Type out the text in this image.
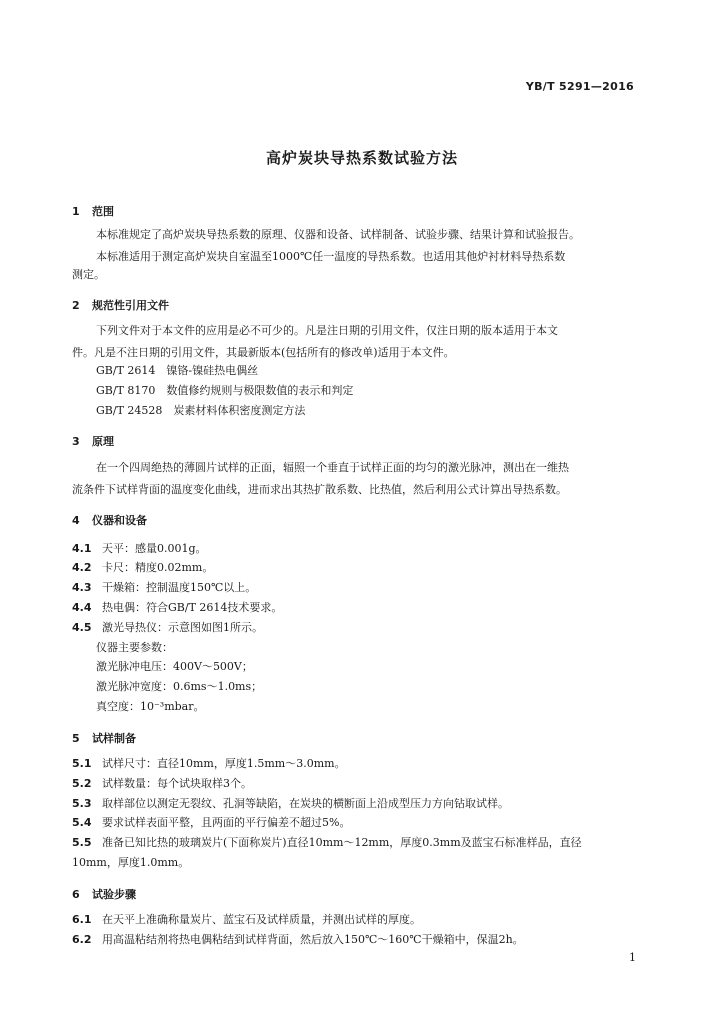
YB/T 5291—2016
高炉炭块导热系数试验方法
1 范围
本标准规定了高炉炭块导热系数的原理、仪器和设备、试样制备、试验步骤、结果计算和试验报告。
本标准适用于测定高炉炭块自室温至1000℃任一温度的导热系数。也适用其他炉衬材料导热系数
测定。
2 规范性引用文件
下列文件对于本文件的应用是必不可少的。凡是注日期的引用文件，仅注日期的版本适用于本文
件。凡是不注日期的引用文件，其最新版本(包括所有的修改单)适用于本文件。
GB/T 2614　镍铬-镍硅热电偶丝
GB/T 8170　数值修约规则与极限数值的表示和判定
GB/T 24528　炭素材料体积密度测定方法
3 原理
在一个四周绝热的薄圆片试样的正面，辐照一个垂直于试样正面的均匀的激光脉冲，测出在一维热
流条件下试样背面的温度变化曲线，进而求出其热扩散系数、比热值，然后利用公式计算出导热系数。
4 仪器和设备
4.1 天平：感量0.001g。
4.2 卡尺：精度0.02mm。
4.3 干燥箱：控制温度150℃以上。
4.4 热电偶：符合GB/T 2614技术要求。
4.5 激光导热仪：示意图如图1所示。
仪器主要参数：
激光脉冲电压：400V～500V；
激光脉冲宽度：0.6ms～1.0ms；
真空度：10⁻³mbar。
5 试样制备
5.1 试样尺寸：直径10mm，厚度1.5mm～3.0mm。
5.2 试样数量：每个试块取样3个。
5.3 取样部位以测定无裂纹、孔洞等缺陷，在炭块的横断面上沿成型压力方向钻取试样。
5.4 要求试样表面平整，且两面的平行偏差不超过5%。
5.5 准备已知比热的玻璃炭片(下面称炭片)直径10mm～12mm，厚度0.3mm及蓝宝石标准样品，直径
10mm，厚度1.0mm。
6 试验步骤
6.1 在天平上准确称量炭片、蓝宝石及试样质量，并测出试样的厚度。
6.2 用高温粘结剂将热电偶粘结到试样背面，然后放入150℃～160℃干燥箱中，保温2h。
1
